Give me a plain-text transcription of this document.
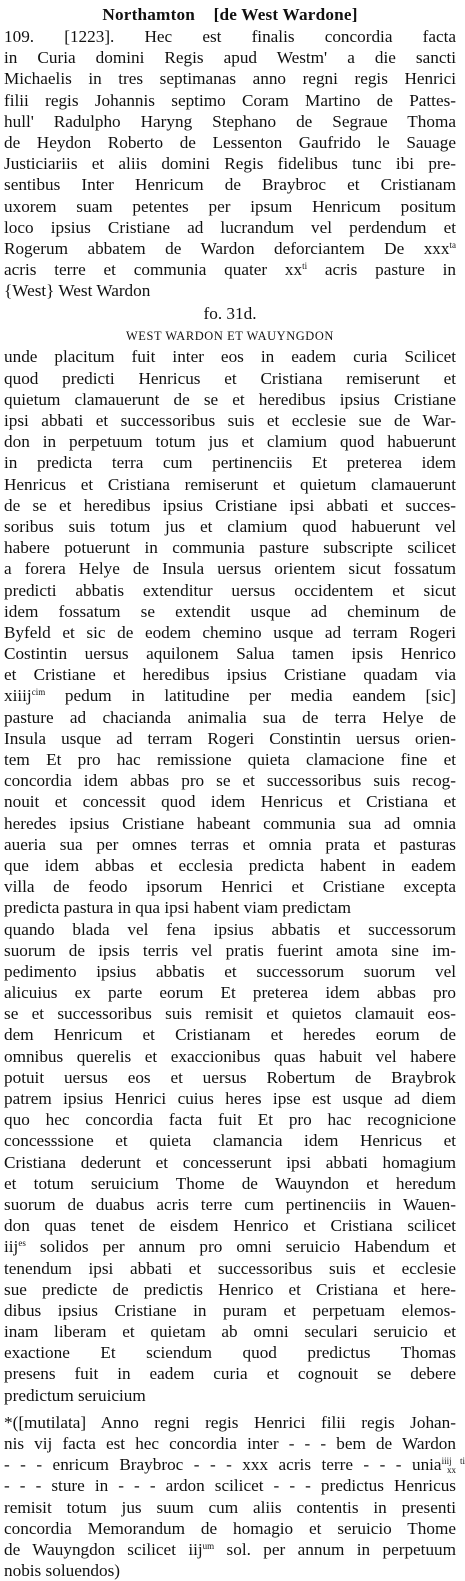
Northamton [de West Wardone]
109. [1223]. Hec est finalis concordia facta
in Curia domini Regis apud Westm' a die sancti
Michaelis in tres septimanas anno regni regis Henrici
filii regis Johannis septimo Coram Martino de Pattes-
hull' Radulpho Haryng Stephano de Segraue Thoma
de Heydon Roberto de Lessenton Gaufrido le Sauage
Justiciariis et aliis domini Regis fidelibus tunc ibi pre-
sentibus Inter Henricum de Braybroc et Cristianam
uxorem suam petentes per ipsum Henricum positum
loco ipsius Cristiane ad lucrandum vel perdendum et
Rogerum abbatem de Wardon deforciantem De xxx$^{ta}$
acris terre et communia quater $xx^{ti}$ acris pasture in
{West} West Wardon
fo. 31d.
WEST WARDON ET WAUYNGDON
unde placitum fuit inter eos in eadem curia Scilicet
quod predicti Henricus et Cristiana remiserunt et
quietum clamauerunt de se et heredibus ipsius Cristiane
ipsi abbati et successoribus suis et ecclesie sue de War-
don in perpetuum totum jus et clamium quod habuerunt
in predicta terra cum pertinenciis Et preterea idem
Henricus et Cristiana remiserunt et quietum clamauerunt
de se et heredibus ipsius Cristiane ipsi abbati et succes-
soribus suis totum jus et clamium quod habuerunt vel
habere potuerunt in communia pasture subscripte scilicet
a forera Helye de Insula uersus orientem sicut fossatum
predicti abbatis extenditur uersus occidentem et sicut
idem fossatum se extendit usque ad cheminum de
Byfeld et sic de eodem chemino usque ad terram Rogeri
Costintin uersus aquilonem Salua tamen ipsis Henrico
et Cristiane et heredibus ipsius Cristiane quadam via
xiiij$^{cim}$ pedum in latitudine per media eandem [sic]
pasture ad chacianda animalia sua de terra Helye de
Insula usque ad terram Rogeri Constintin uersus orien-
tem Et pro hac remissione quieta clamacione fine et
concordia idem abbas pro se et successoribus suis recog-
nouit et concessit quod idem Henricus et Cristiana et
heredes ipsius Cristiane habeant communia sua ad omnia
aueria sua per omnes terras et omnia prata et pasturas
que idem abbas et ecclesia predicta habent in eadem
villa de feodo ipsorum Henrici et Cristiane excepta
predicta pastura in qua ipsi habent viam predictam
quando blada vel fena ipsius abbatis et successorum
suorum de ipsis terris vel pratis fuerint amota sine im-
pedimento ipsius abbatis et successorum suorum vel
alicuius ex parte eorum Et preterea idem abbas pro
se et successoribus suis remisit et quietos clamauit eos-
dem Henricum et Cristianam et heredes eorum de
omnibus querelis et exaccionibus quas habuit vel habere
potuit uersus eos et uersus Robertum de Braybrok
patrem ipsius Henrici cuius heres ipse est usque ad diem
quo hec concordia facta fuit Et pro hac recognicione
concesssione et quieta clamancia idem Henricus et
Cristiana dederunt et concesserunt ipsi abbati homagium
et totum seruicium Thome de Wauyndon et heredum
suorum de duabus acris terre cum pertinenciis in Wauen-
don quas tenet de eisdem Henrico et Cristiana scilicet
iij$^{es}$ solidos per annum pro omni seruicio Habendum et
tenendum ipsi abbati et successoribus suis et ecclesie
sue predicte de predictis Henrico et Cristiana et here-
dibus ipsius Cristiane in puram et perpetuam elemos-
inam liberam et quietam ab omni seculari seruicio et
exactione Et sciendum quod predictus Thomas
presens fuit in eadem curia et cognouit se debere
predictum seruicium
*([mutilata] Anno regni regis Henrici filii regis Johan-
nis vij facta est hec concordia inter - - - bem de Wardon
- - - enricum Braybroc - - - xxx acris terre - - - unia$^{iiij ti}_{xx}$
- - - sture in - - - ardon scilicet - - - predictus Henricus
remisit totum jus suum cum aliis contentis in presenti
concordia Memorandum de homagio et seruicio Thome
de Wauyngdon scilicet iij$^{um}$ sol. per annum in perpetuum
nobis soluendos)
